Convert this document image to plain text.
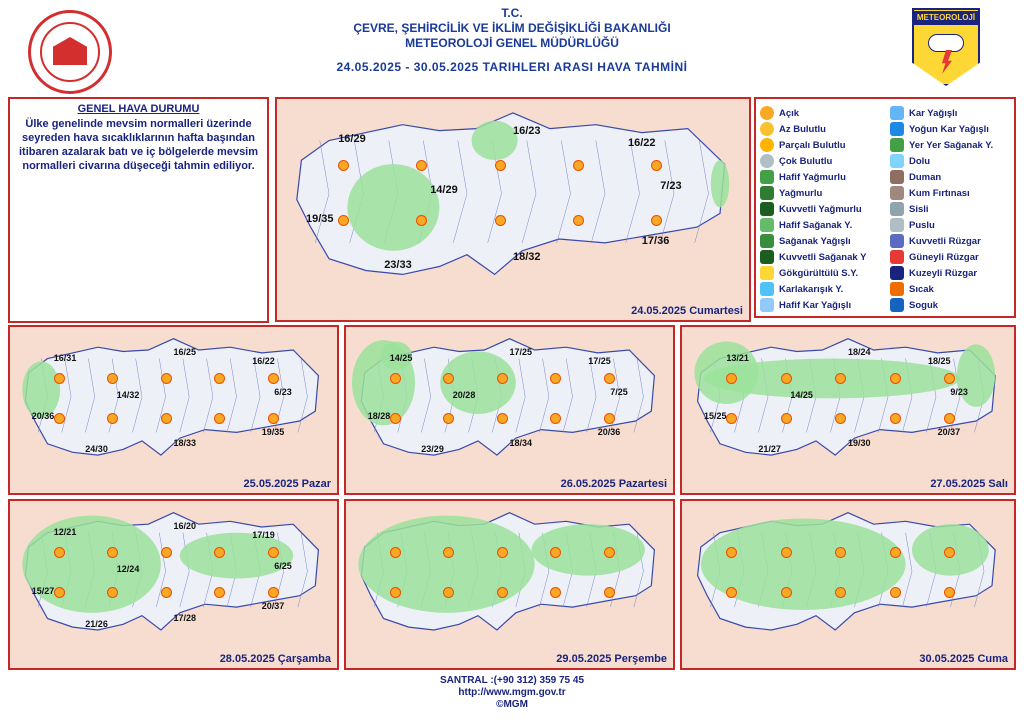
T.C.
ÇEVRE, ŞEHİRCİLİK VE İKLİM DEĞİŞİKLİĞİ BAKANLIĞI
METEOROLOJİ GENEL MÜDÜRLÜĞÜ
24.05.2025 - 30.05.2025 TARIHLERI ARASI HAVA TAHMİNİ
METEOROLOJİ
GENEL HAVA DURUMU
Ülke genelinde mevsim normalleri üzerinde seyreden hava sıcaklıklarının hafta başından itibaren azalarak batı ve iç bölgelerde mevsim normalleri civarına düşeceği tahmin ediliyor.
24.05.2025 Cumartesi
16/29
16/23
16/22
14/29	7/23
19/35
17/36
23/33
18/32
25.05.2025 Pazar
16/31
16/25
16/22
14/32	6/23
20/36
19/35
24/30
18/33
26.05.2025 Pazartesi
14/25
17/25
17/25
20/28	7/25
18/28
20/36
23/29
18/34
27.05.2025 Salı
13/21
18/24
18/25
14/25	9/23
15/25
20/37
21/27
19/30
28.05.2025 Çarşamba
12/21
16/20
17/19
12/24	6/25
15/27
20/37
21/26
17/28
29.05.2025 Perşembe	30.05.2025 Cuma
Açık
Az Bulutlu
Parçalı Bulutlu
Çok Bulutlu
Hafif Yağmurlu
Yağmurlu
Kuvvetli Yağmurlu
Hafif Sağanak Y.
Sağanak Yağışlı
Kuvvetli Sağanak Y
Gökgürültülü S.Y.
Karlakarışık Y.
Hafif Kar Yağışlı
Kar Yağışlı
Yoğun Kar Yağışlı
Yer Yer Sağanak Y.
Dolu
Duman
Kum Fırtınası
Sisli
Puslu
Kuvvetli Rüzgar
Güneyli Rüzgar
Kuzeyli Rüzgar
Sıcak
Soguk
SANTRAL :(+90 312) 359 75 45
http://www.mgm.gov.tr
©MGM
